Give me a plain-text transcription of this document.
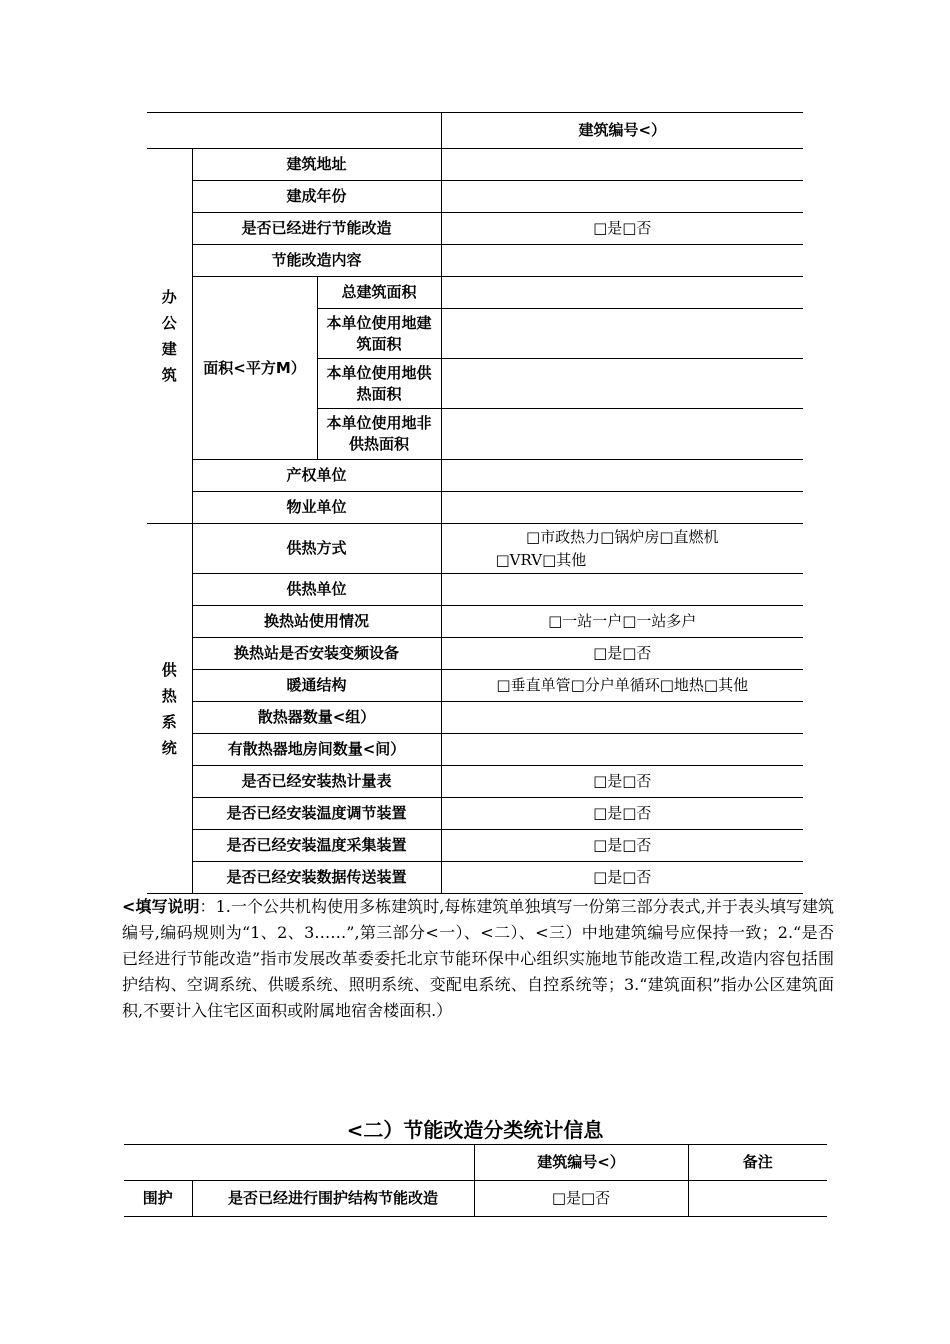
			建筑编号<）
办公建筑	建筑地址		
	建成年份		
	是否已经进行节能改造		□是□否
	节能改造内容		
	面积<平方M）	总建筑面积	
		本单位使用地建筑面积	
		本单位使用地供热面积	
		本单位使用地非供热面积	
	产权单位		
	物业单位		

供热系统	供热方式		□市政热力□锅炉房□直燃机
□VRV□其他

	供热单位		
	换热站使用情况		□一站一户□一站多户
	换热站是否安装变频设备		□是□否
	暖通结构		□垂直单管□分户单循环□地热□其他
	散热器数量<组）		
	有散热器地房间数量<间）		
	是否已经安装热计量表		□是□否
	是否已经安装温度调节装置		□是□否
	是否已经安装温度采集装置		□是□否
	是否已经安装数据传送装置		□是□否
<填写说明：1.一个公共机构使用多栋建筑时,每栋建筑单独填写一份第三部分表式,并于表头填写建筑编号,编码规则为“1、2、3……”,第三部分<一）、<二）、<三）中地建筑编号应保持一致；2.“是否已经进行节能改造”指市发展改革委委托北京节能环保中心组织实施地节能改造工程,改造内容包括围护结构、空调系统、供暖系统、照明系统、变配电系统、自控系统等；3.“建筑面积”指办公区建筑面积,不要计入住宅区面积或附属地宿舍楼面积.）
<二）节能改造分类统计信息
		建筑编号<）	备注
围护	是否已经进行围护结构节能改造	□是□否	
